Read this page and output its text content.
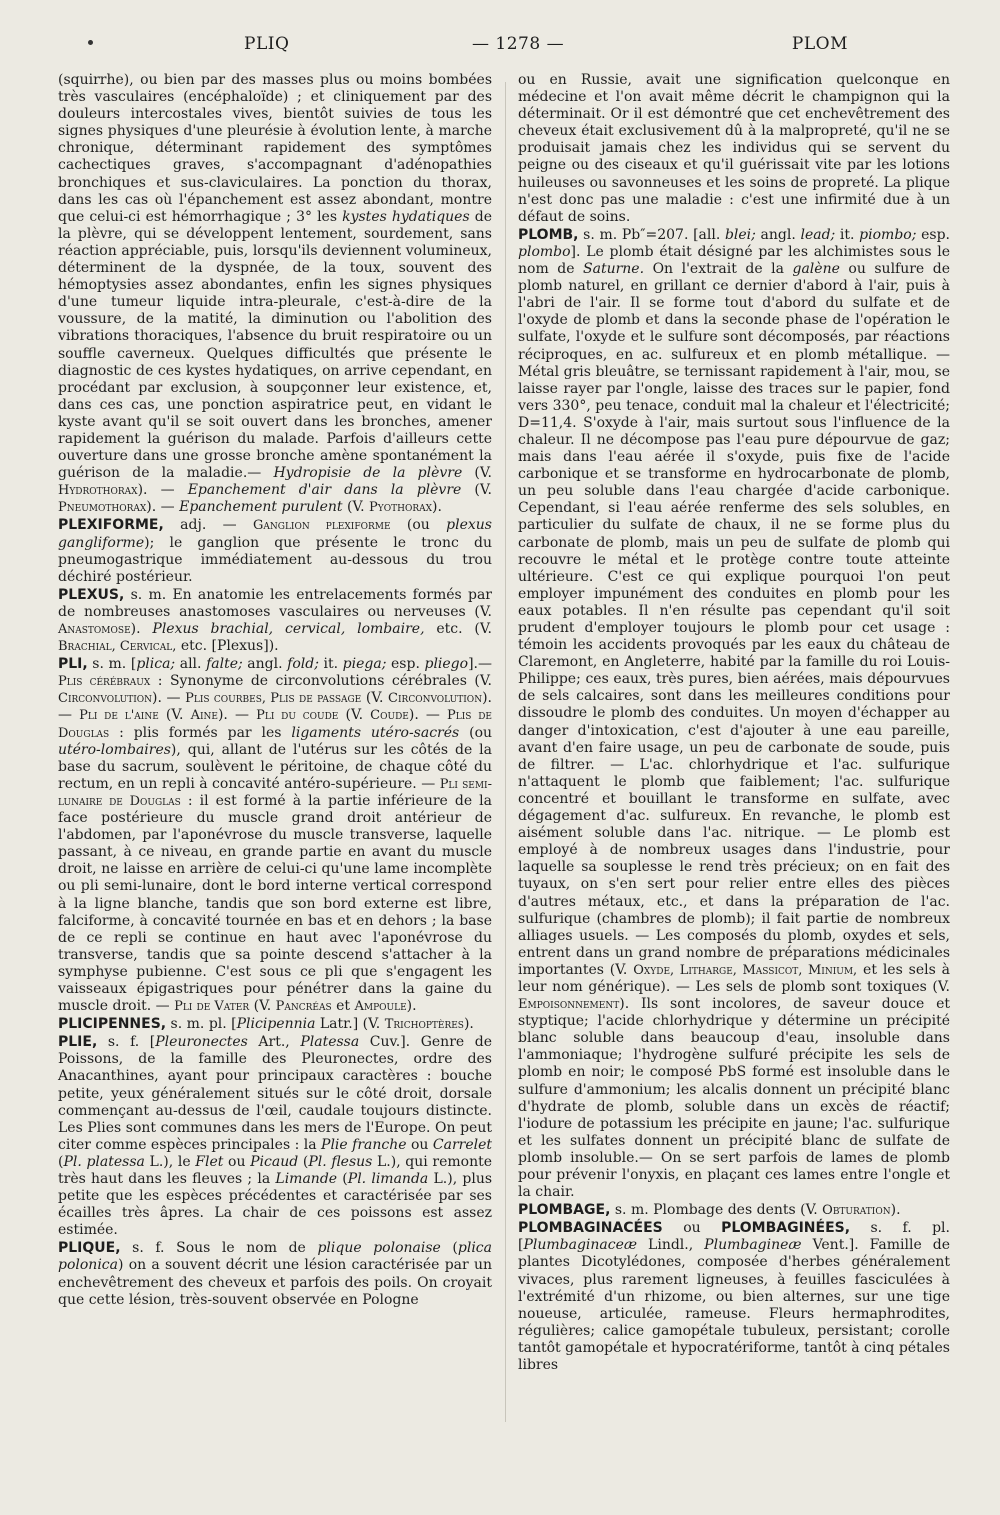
PLIQ	— 1278 —	PLOM

(squirrhe), ou bien par des masses plus ou moins bombées très vasculaires (encéphaloïde) ; et cliniquement par des douleurs intercostales vives, bientôt suivies de tous les signes physiques d'une pleurésie à évolution lente, à marche chronique, déterminant rapidement des symptômes cachectiques graves, s'accompagnant d'adénopathies bronchiques et sus-claviculaires. La ponction du thorax, dans les cas où l'épanchement est assez abondant, montre que celui-ci est hémorrhagique ; 3° les kystes hydatiques de la plèvre, qui se développent lentement, sourdement, sans réaction appréciable, puis, lorsqu'ils deviennent volumineux, déterminent de la dyspnée, de la toux, souvent des hémoptysies assez abondantes, enfin les signes physiques d'une tumeur liquide intra-pleurale, c'est-à-dire de la voussure, de la matité, la diminution ou l'abolition des vibrations thoraciques, l'absence du bruit respiratoire ou un souffle caverneux. Quelques difficultés que présente le diagnostic de ces kystes hydatiques, on arrive cependant, en procédant par exclusion, à soupçonner leur existence, et, dans ces cas, une ponction aspiratrice peut, en vidant le kyste avant qu'il se soit ouvert dans les bronches, amener rapidement la guérison du malade. Parfois d'ailleurs cette ouverture dans une grosse bronche amène spontanément la guérison de la maladie.— Hydropisie de la plèvre (V. Hydrothorax). — Epanchement d'air dans la plèvre (V. Pneumothorax). — Epanchement purulent (V. Pyothorax).

PLEXIFORME, adj. — Ganglion plexiforme (ou plexus gangliforme); le ganglion que présente le tronc du pneumogastrique immédiatement au-dessous du trou déchiré postérieur.

PLEXUS, s. m. En anatomie les entrelacements formés par de nombreuses anastomoses vasculaires ou nerveuses (V. Anastomose). Plexus brachial, cervical, lombaire, etc. (V. Brachial, Cervical, etc. [Plexus]).

PLI, s. m. [plica; all. falte; angl. fold; it. piega; esp. pliego].— Plis cérébraux : Synonyme de circonvolutions cérébrales (V. Circonvolution). — Plis courbes, Plis de passage (V. Circonvolution). — Pli de l'aine (V. Aine). — Pli du coude (V. Coude). — Plis de Douglas : plis formés par les ligaments utéro-sacrés (ou utéro-lombaires), qui, allant de l'utérus sur les côtés de la base du sacrum, soulèvent le péritoine, de chaque côté du rectum, en un repli à concavité antéro-supérieure. — Pli semi-lunaire de Douglas : il est formé à la partie inférieure de la face postérieure du muscle grand droit antérieur de l'abdomen, par l'aponévrose du muscle transverse, laquelle passant, à ce niveau, en grande partie en avant du muscle droit, ne laisse en arrière de celui-ci qu'une lame incomplète ou pli semi-lunaire, dont le bord interne vertical correspond à la ligne blanche, tandis que son bord externe est libre, falciforme, à concavité tournée en bas et en dehors ; la base de ce repli se continue en haut avec l'aponévrose du transverse, tandis que sa pointe descend s'attacher à la symphyse pubienne. C'est sous ce pli que s'engagent les vaisseaux épigastriques pour pénétrer dans la gaine du muscle droit. — Pli de Vater (V. Pancréas et Ampoule).

PLICIPENNES, s. m. pl. [Plicipennia Latr.] (V. Trichoptères).

PLIE, s. f. [Pleuronectes Art., Platessa Cuv.]. Genre de Poissons, de la famille des Pleuronectes, ordre des Anacanthines, ayant pour principaux caractères : bouche petite, yeux généralement situés sur le côté droit, dorsale commençant au-dessus de l'œil, caudale toujours distincte. Les Plies sont communes dans les mers de l'Europe. On peut citer comme espèces principales : la Plie franche ou Carrelet (Pl. platessa L.), le Flet ou Picaud (Pl. flesus L.), qui remonte très haut dans les fleuves ; la Limande (Pl. limanda L.), plus petite que les espèces précédentes et caractérisée par ses écailles très âpres. La chair de ces poissons est assez estimée.

PLIQUE, s. f. Sous le nom de plique polonaise (plica polonica) on a souvent décrit une lésion caractérisée par un enchevêtrement des cheveux et parfois des poils. On croyait que cette lésion, très-souvent observée en Pologne

ou en Russie, avait une signification quelconque en médecine et l'on avait même décrit le champignon qui la déterminait. Or il est démontré que cet enchevêtrement des cheveux était exclusivement dû à la malpropreté, qu'il ne se produisait jamais chez les individus qui se servent du peigne ou des ciseaux et qu'il guérissait vite par les lotions huileuses ou savonneuses et les soins de propreté. La plique n'est donc pas une maladie : c'est une infirmité due à un défaut de soins.

PLOMB, s. m. Pb″=207. [all. blei; angl. lead; it. piombo; esp. plombo]. Le plomb était désigné par les alchimistes sous le nom de Saturne. On l'extrait de la galène ou sulfure de plomb naturel, en grillant ce dernier d'abord à l'air, puis à l'abri de l'air. Il se forme tout d'abord du sulfate et de l'oxyde de plomb et dans la seconde phase de l'opération le sulfate, l'oxyde et le sulfure sont décomposés, par réactions réciproques, en ac. sulfureux et en plomb métallique. — Métal gris bleuâtre, se ternissant rapidement à l'air, mou, se laisse rayer par l'ongle, laisse des traces sur le papier, fond vers 330°, peu tenace, conduit mal la chaleur et l'électricité; D=11,4. S'oxyde à l'air, mais surtout sous l'influence de la chaleur. Il ne décompose pas l'eau pure dépourvue de gaz; mais dans l'eau aérée il s'oxyde, puis fixe de l'acide carbonique et se transforme en hydrocarbonate de plomb, un peu soluble dans l'eau chargée d'acide carbonique. Cependant, si l'eau aérée renferme des sels solubles, en particulier du sulfate de chaux, il ne se forme plus du carbonate de plomb, mais un peu de sulfate de plomb qui recouvre le métal et le protège contre toute atteinte ultérieure. C'est ce qui explique pourquoi l'on peut employer impunément des conduites en plomb pour les eaux potables. Il n'en résulte pas cependant qu'il soit prudent d'employer toujours le plomb pour cet usage : témoin les accidents provoqués par les eaux du château de Claremont, en Angleterre, habité par la famille du roi Louis-Philippe; ces eaux, très pures, bien aérées, mais dépourvues de sels calcaires, sont dans les meilleures conditions pour dissoudre le plomb des conduites. Un moyen d'échapper au danger d'intoxication, c'est d'ajouter à une eau pareille, avant d'en faire usage, un peu de carbonate de soude, puis de filtrer. — L'ac. chlorhydrique et l'ac. sulfurique n'attaquent le plomb que faiblement; l'ac. sulfurique concentré et bouillant le transforme en sulfate, avec dégagement d'ac. sulfureux. En revanche, le plomb est aisément soluble dans l'ac. nitrique. — Le plomb est employé à de nombreux usages dans l'industrie, pour laquelle sa souplesse le rend très précieux; on en fait des tuyaux, on s'en sert pour relier entre elles des pièces d'autres métaux, etc., et dans la préparation de l'ac. sulfurique (chambres de plomb); il fait partie de nombreux alliages usuels. — Les composés du plomb, oxydes et sels, entrent dans un grand nombre de préparations médicinales importantes (V. Oxyde, Litharge, Massicot, Minium, et les sels à leur nom générique). — Les sels de plomb sont toxiques (V. Empoisonnement). Ils sont incolores, de saveur douce et styptique; l'acide chlorhydrique y détermine un précipité blanc soluble dans beaucoup d'eau, insoluble dans l'ammoniaque; l'hydrogène sulfuré précipite les sels de plomb en noir; le composé PbS formé est insoluble dans le sulfure d'ammonium; les alcalis donnent un précipité blanc d'hydrate de plomb, soluble dans un excès de réactif; l'iodure de potassium les précipite en jaune; l'ac. sulfurique et les sulfates donnent un précipité blanc de sulfate de plomb insoluble.— On se sert parfois de lames de plomb pour prévenir l'onyxis, en plaçant ces lames entre l'ongle et la chair.

PLOMBAGE, s. m. Plombage des dents (V. Obturation).

PLOMBAGINACÉES ou PLOMBAGINÉES, s. f. pl. [Plumbaginaceæ Lindl., Plumbagineæ Vent.]. Famille de plantes Dicotylédones, composée d'herbes généralement vivaces, plus rarement ligneuses, à feuilles fasciculées à l'extrémité d'un rhizome, ou bien alternes, sur une tige noueuse, articulée, rameuse. Fleurs hermaphrodites, régulières; calice gamopétale tubuleux, persistant; corolle tantôt gamopétale et hypocratériforme, tantôt à cinq pétales libres
